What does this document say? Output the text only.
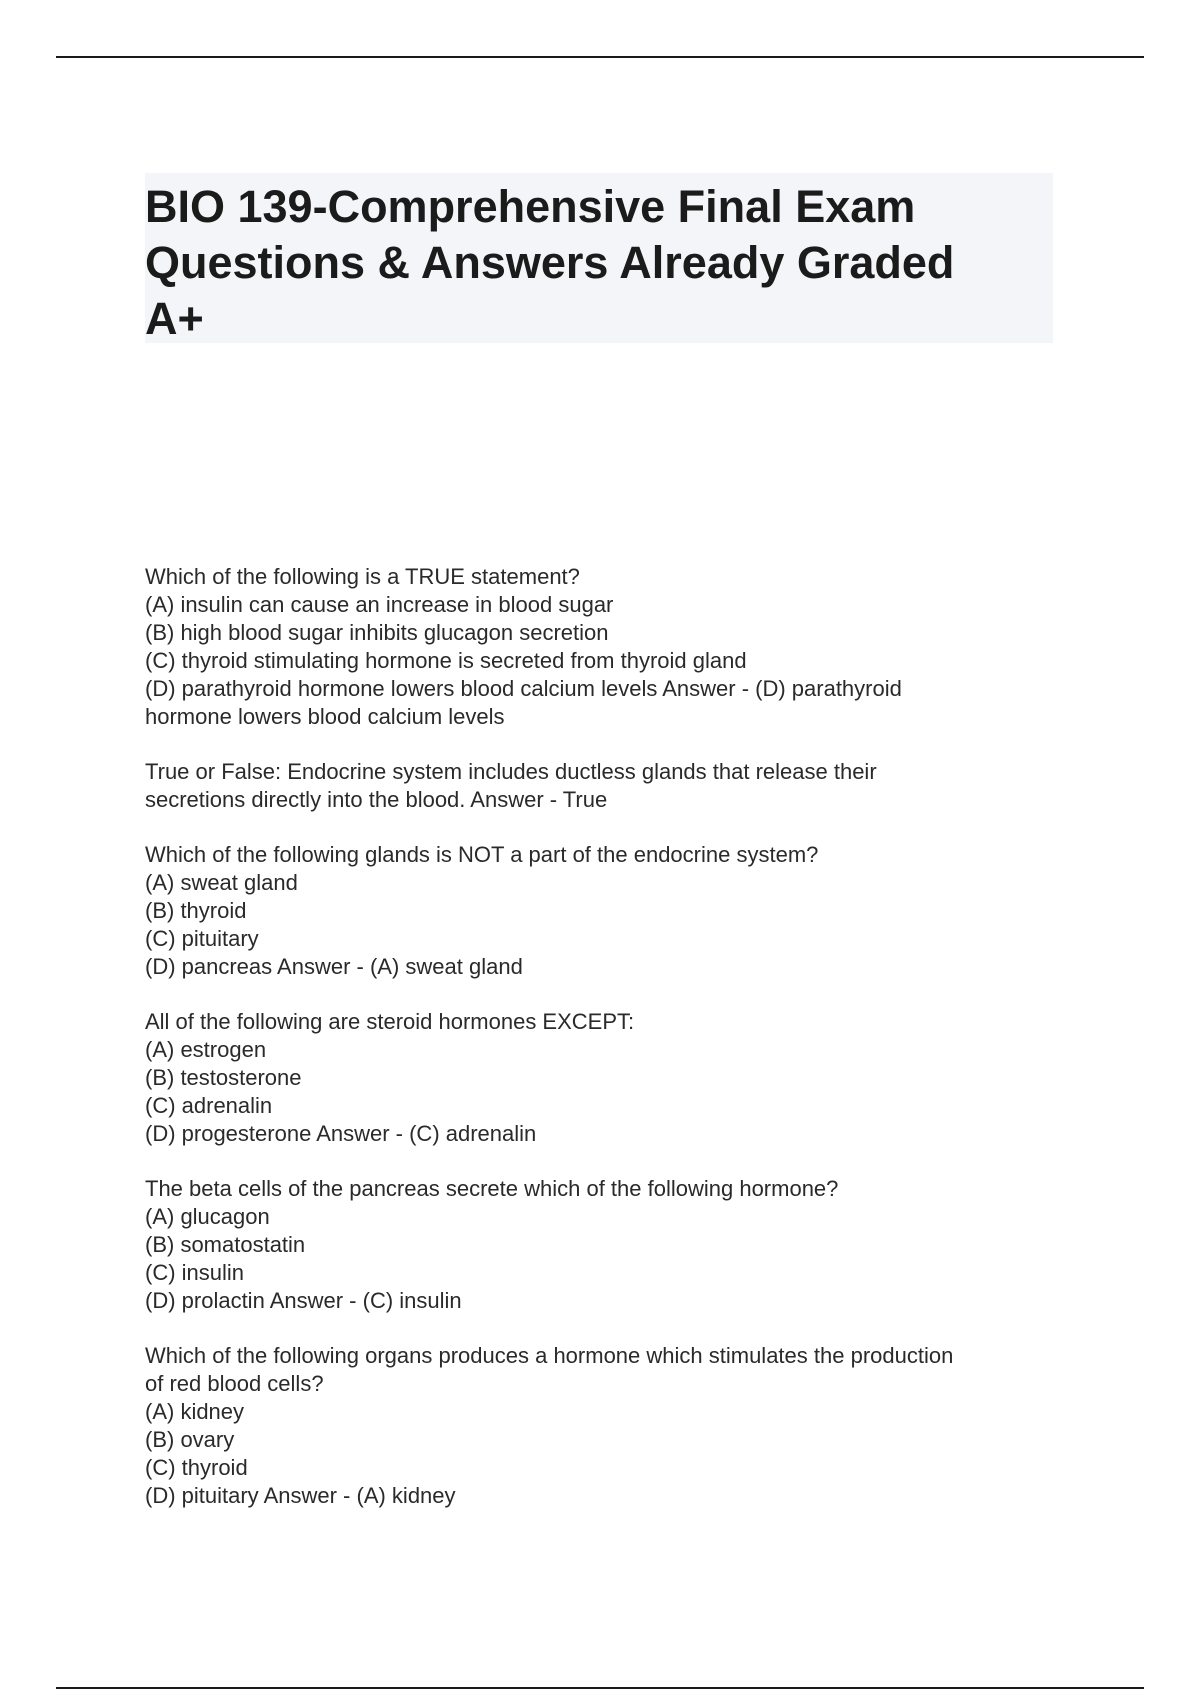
BIO 139-Comprehensive Final Exam
Questions & Answers Already Graded
A+
Which of the following is a TRUE statement?
(A) insulin can cause an increase in blood sugar
(B) high blood sugar inhibits glucagon secretion
(C) thyroid stimulating hormone is secreted from thyroid gland
(D) parathyroid hormone lowers blood calcium levels Answer - (D) parathyroid
hormone lowers blood calcium levels
True or False: Endocrine system includes ductless glands that release their
secretions directly into the blood. Answer - True
Which of the following glands is NOT a part of the endocrine system?
(A) sweat gland
(B) thyroid
(C) pituitary
(D) pancreas Answer - (A) sweat gland
All of the following are steroid hormones EXCEPT:
(A) estrogen
(B) testosterone
(C) adrenalin
(D) progesterone Answer - (C) adrenalin
The beta cells of the pancreas secrete which of the following hormone?
(A) glucagon
(B) somatostatin
(C) insulin
(D) prolactin Answer - (C) insulin
Which of the following organs produces a hormone which stimulates the production
of red blood cells?
(A) kidney
(B) ovary
(C) thyroid
(D) pituitary Answer - (A) kidney
